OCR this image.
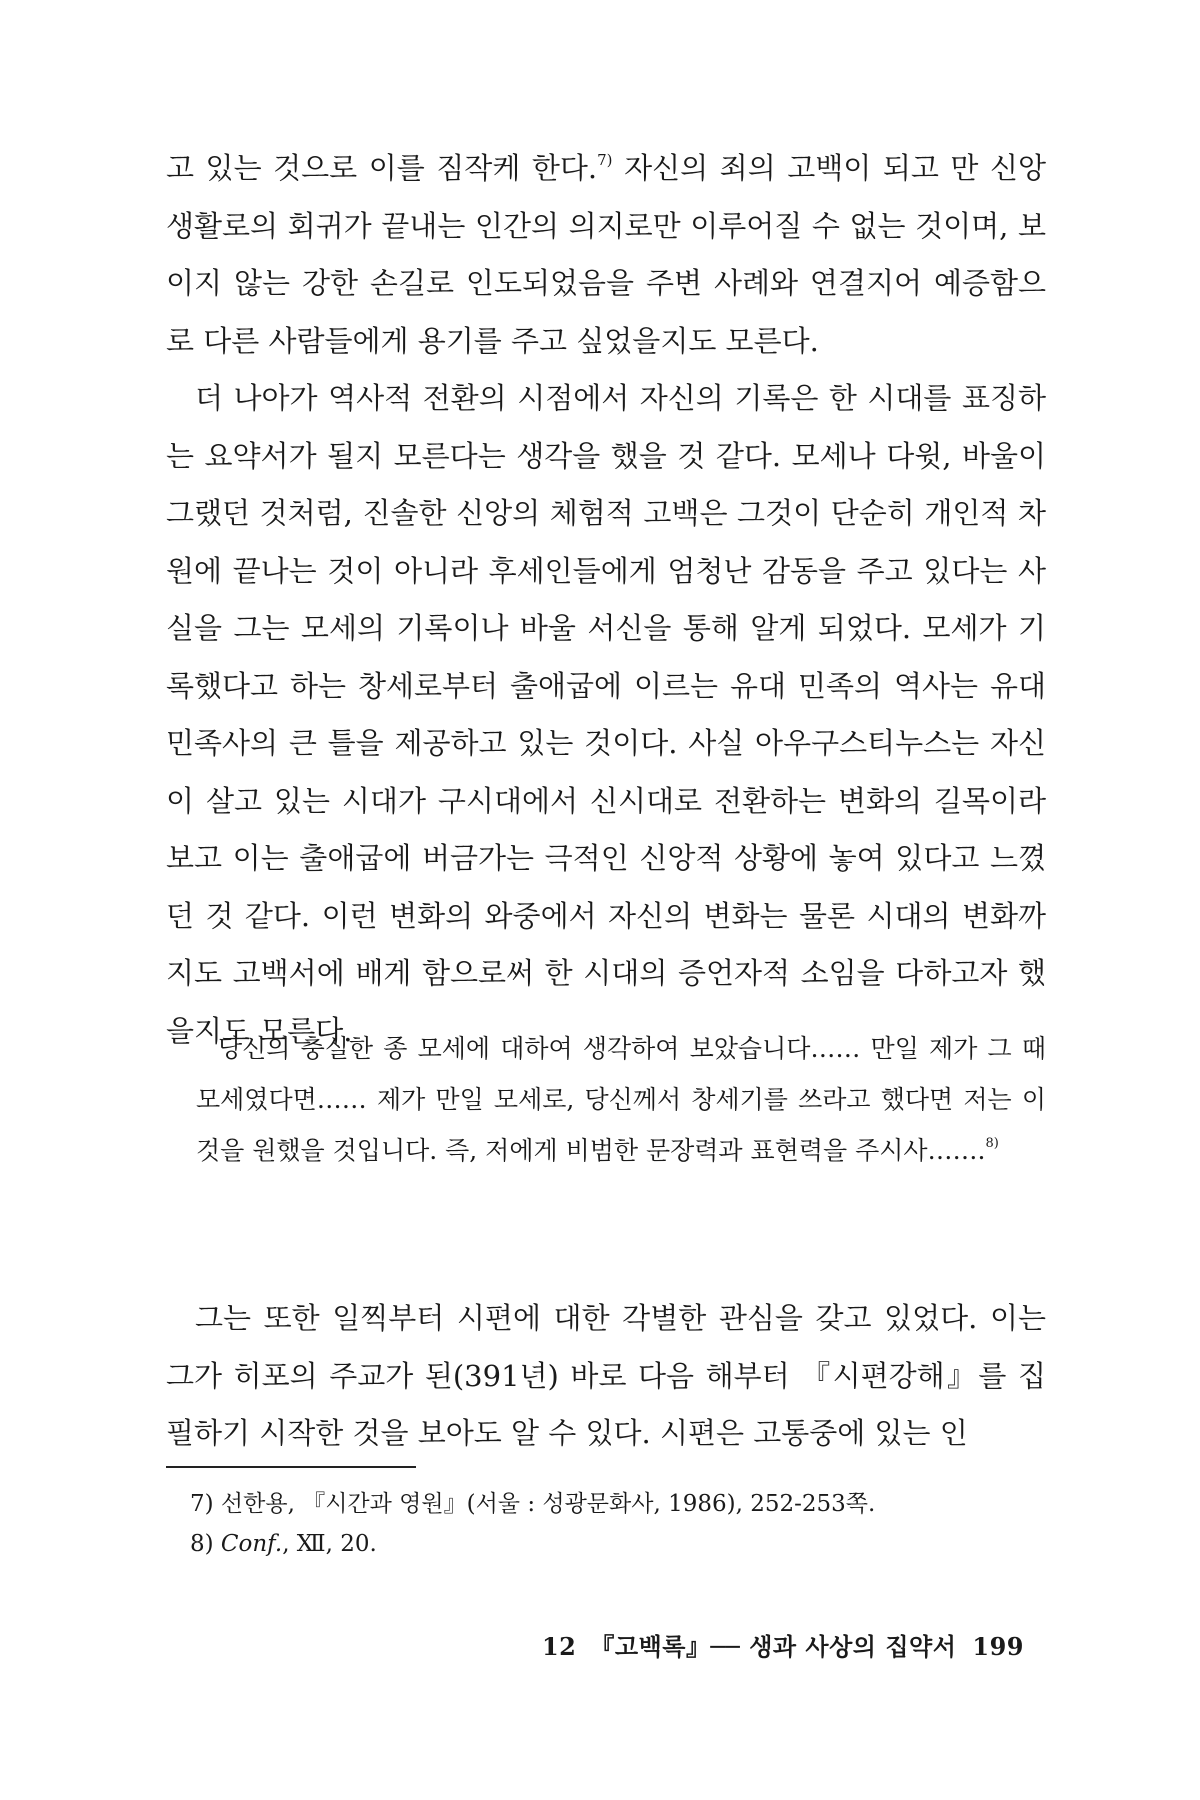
고 있는 것으로 이를 짐작케 한다.$^{7)}$ 자신의 죄의 고백이 되고 만 신앙 생활로의 회귀가 끝내는 인간의 의지로만 이루어질 수 없는 것이며, 보이지 않는 강한 손길로 인도되었음을 주변 사례와 연결지어 예증함으로 다른 사람들에게 용기를 주고 싶었을지도 모른다.

더 나아가 역사적 전환의 시점에서 자신의 기록은 한 시대를 표징하는 요약서가 될지 모른다는 생각을 했을 것 같다. 모세나 다윗, 바울이 그랬던 것처럼, 진솔한 신앙의 체험적 고백은 그것이 단순히 개인적 차원에 끝나는 것이 아니라 후세인들에게 엄청난 감동을 주고 있다는 사실을 그는 모세의 기록이나 바울 서신을 통해 알게 되었다. 모세가 기록했다고 하는 창세로부터 출애굽에 이르는 유대 민족의 역사는 유대 민족사의 큰 틀을 제공하고 있는 것이다. 사실 아우구스티누스는 자신이 살고 있는 시대가 구시대에서 신시대로 전환하는 변화의 길목이라 보고 이는 출애굽에 버금가는 극적인 신앙적 상황에 놓여 있다고 느꼈던 것 같다. 이런 변화의 와중에서 자신의 변화는 물론 시대의 변화까지도 고백서에 배게 함으로써 한 시대의 증언자적 소임을 다하고자 했을지도 모른다.

당신의 충실한 종 모세에 대하여 생각하여 보았습니다…… 만일 제가 그 때 모세였다면…… 제가 만일 모세로, 당신께서 창세기를 쓰라고 했다면 저는 이것을 원했을 것입니다. 즉, 저에게 비범한 문장력과 표현력을 주시사…….$^{8)}$

그는 또한 일찍부터 시편에 대한 각별한 관심을 갖고 있었다. 이는 그가 히포의 주교가 된(391년) 바로 다음 해부터 『시편강해』를 집필하기 시작한 것을 보아도 알 수 있다. 시편은 고통중에 있는 인

7) 선한용, 『시간과 영원』(서울 : 성광문화사, 1986), 252-253쪽.
8) Conf., Ⅻ, 20.
12 『고백록』── 생과 사상의 집약서 199
